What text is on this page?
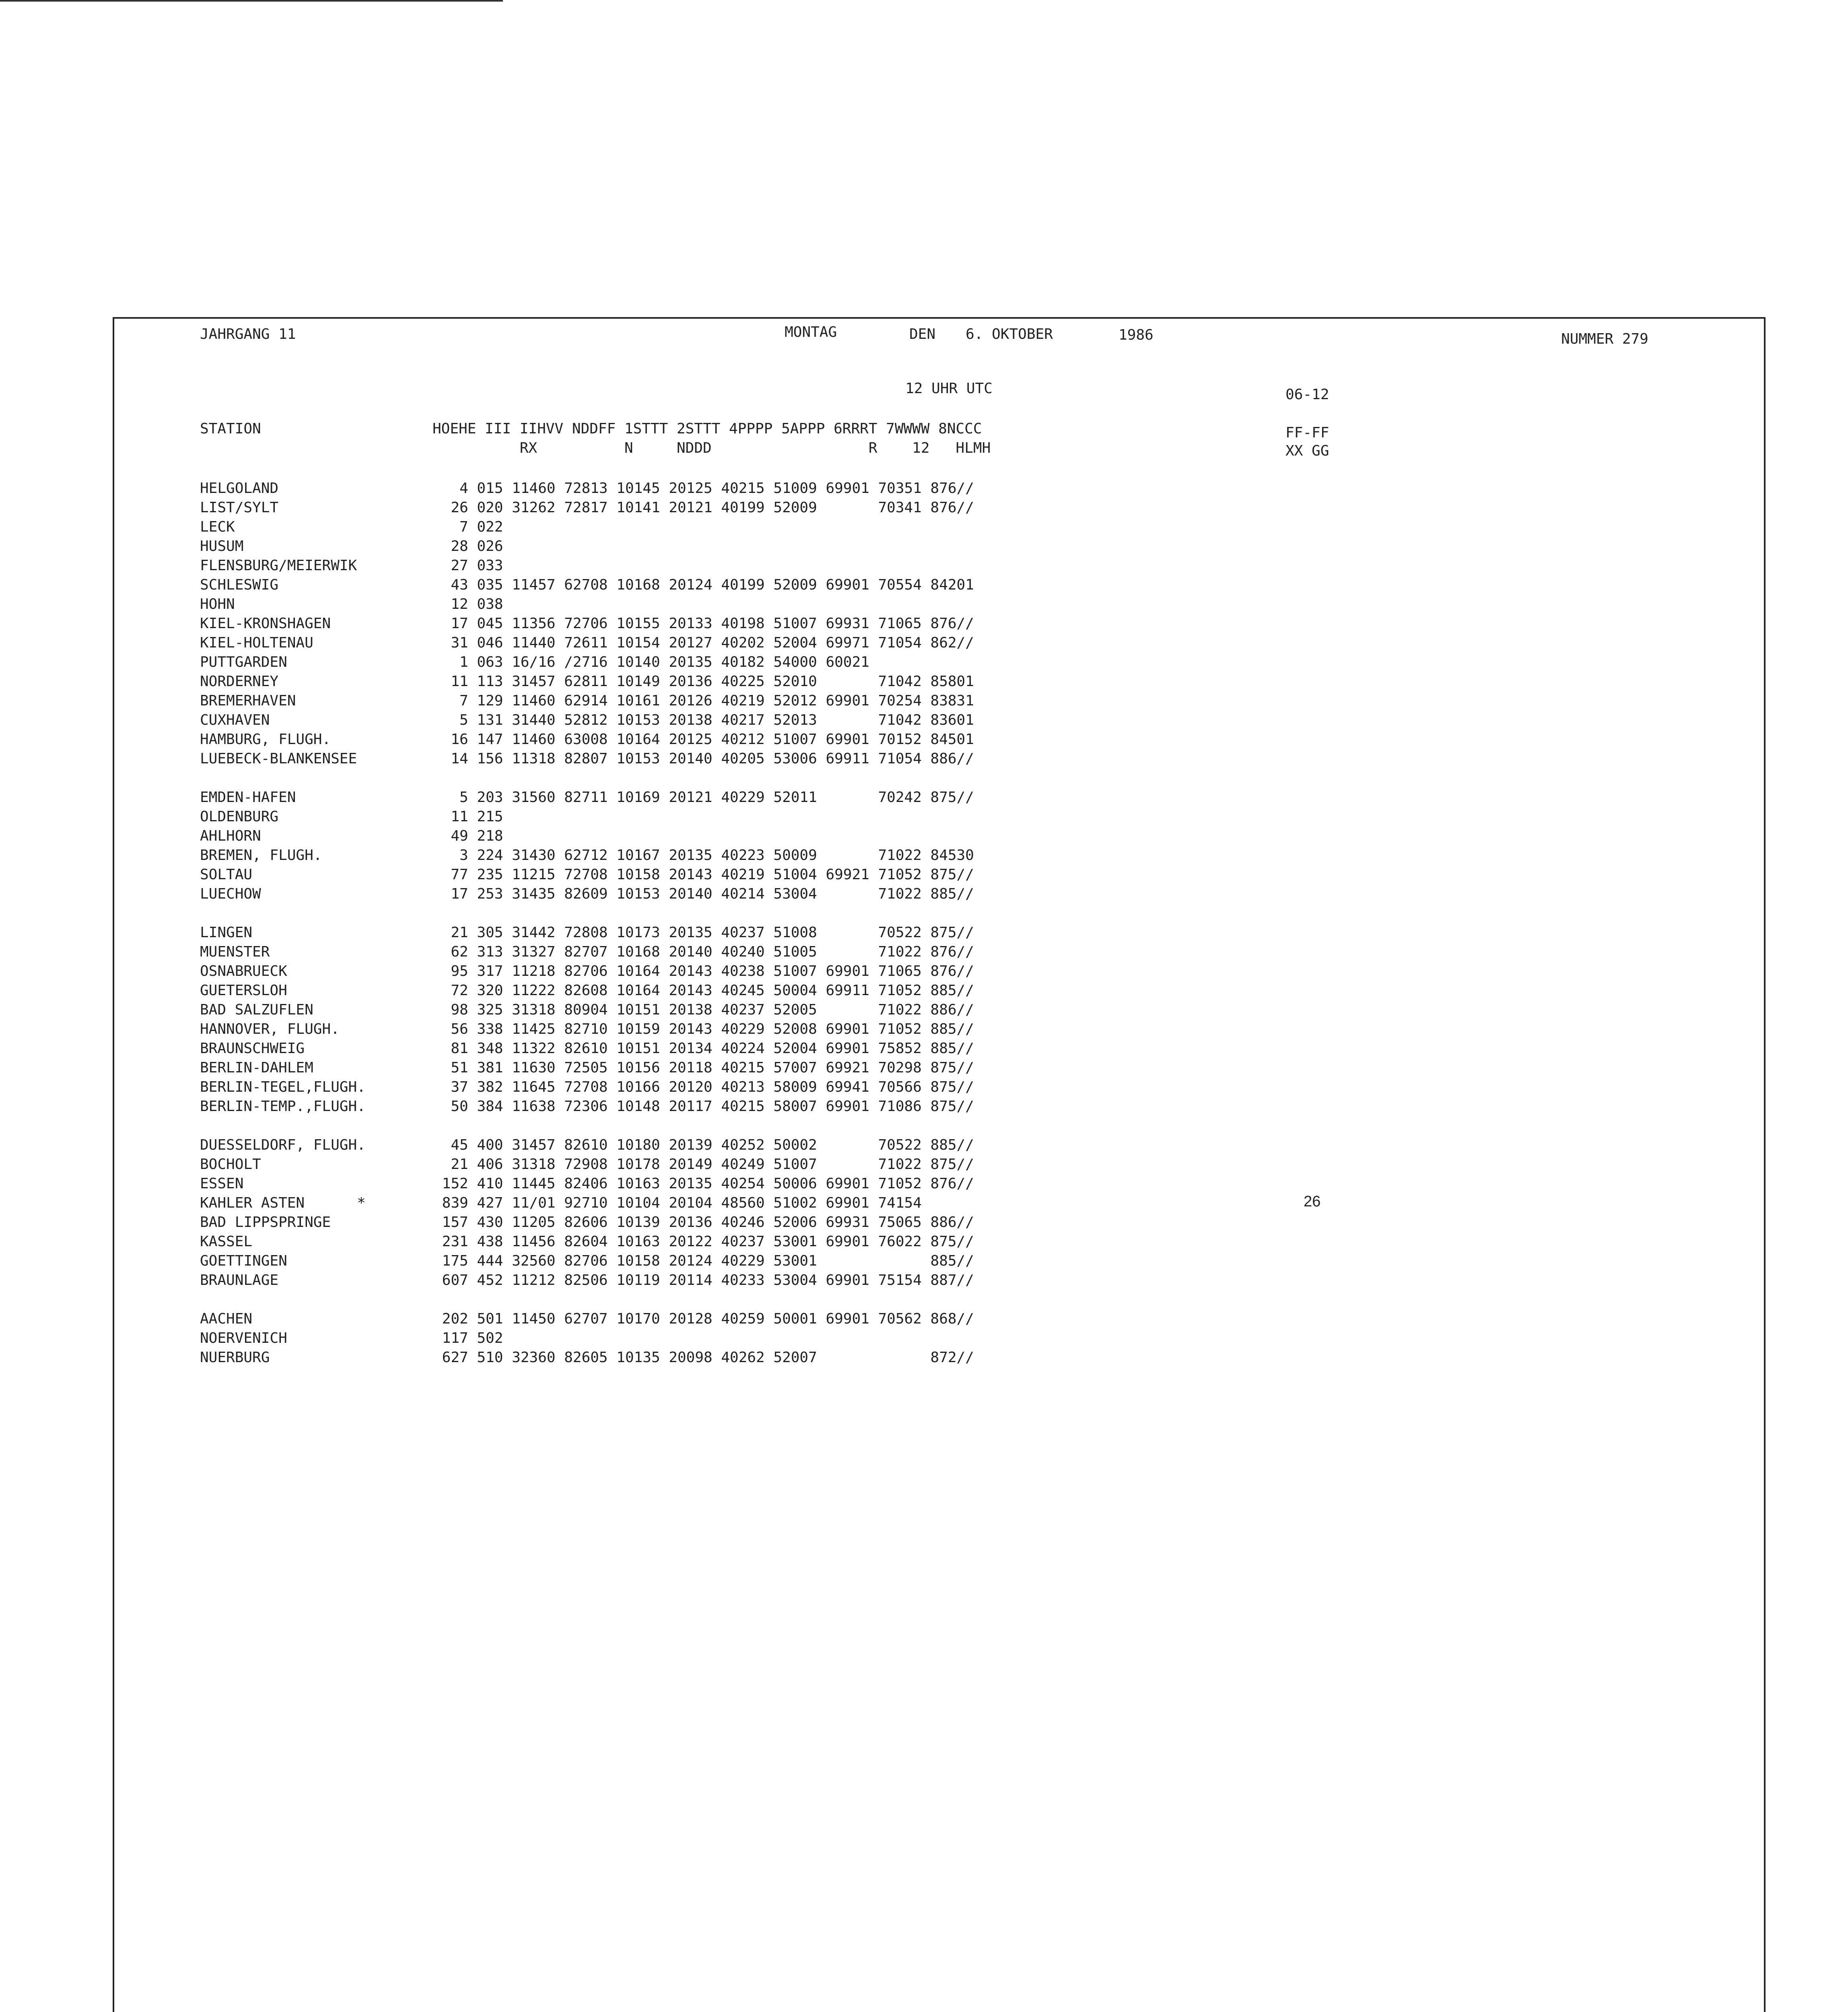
JAHRGANG 11	MONTAG	DEN 6. OKTOBER	1986	NUMMER 279
12 UHR UTC	06-12
STATION	HOEHE III IIHVV NDDFF 1STTT 2STTT 4PPPP 5APPP 6RRRT 7WWWW 8NCCC
RX          N     NDDD                  R    12   HLMH
FF-FF
XX GG
HELGOLAND	4 015 11460 72813 10145 20125 40215 51009 69901 70351 876//
LIST/SYLT	26 020 31262 72817 10141 20121 40199 52009       70341 876//
LECK	7 022
HUSUM	28 026
FLENSBURG/MEIERWIK	27 033
SCHLESWIG	43 035 11457 62708 10168 20124 40199 52009 69901 70554 84201
HOHN	12 038
KIEL-KRONSHAGEN	17 045 11356 72706 10155 20133 40198 51007 69931 71065 876//
KIEL-HOLTENAU	31 046 11440 72611 10154 20127 40202 52004 69971 71054 862//
PUTTGARDEN	1 063 16/16 /2716 10140 20135 40182 54000 60021
NORDERNEY	11 113 31457 62811 10149 20136 40225 52010       71042 85801
BREMERHAVEN	7 129 11460 62914 10161 20126 40219 52012 69901 70254 83831
CUXHAVEN	5 131 31440 52812 10153 20138 40217 52013       71042 83601
HAMBURG, FLUGH.	16 147 11460 63008 10164 20125 40212 51007 69901 70152 84501
LUEBECK-BLANKENSEE	14 156 11318 82807 10153 20140 40205 53006 69911 71054 886//
EMDEN-HAFEN	5 203 31560 82711 10169 20121 40229 52011       70242 875//
OLDENBURG	11 215
AHLHORN	49 218
BREMEN, FLUGH.	3 224 31430 62712 10167 20135 40223 50009       71022 84530
SOLTAU	77 235 11215 72708 10158 20143 40219 51004 69921 71052 875//
LUECHOW	17 253 31435 82609 10153 20140 40214 53004       71022 885//
LINGEN	21 305 31442 72808 10173 20135 40237 51008       70522 875//
MUENSTER	62 313 31327 82707 10168 20140 40240 51005       71022 876//
OSNABRUECK	95 317 11218 82706 10164 20143 40238 51007 69901 71065 876//
GUETERSLOH	72 320 11222 82608 10164 20143 40245 50004 69911 71052 885//
BAD SALZUFLEN	98 325 31318 80904 10151 20138 40237 52005       71022 886//
HANNOVER, FLUGH.	56 338 11425 82710 10159 20143 40229 52008 69901 71052 885//
BRAUNSCHWEIG	81 348 11322 82610 10151 20134 40224 52004 69901 75852 885//
BERLIN-DAHLEM	51 381 11630 72505 10156 20118 40215 57007 69921 70298 875//
BERLIN-TEGEL,FLUGH.	37 382 11645 72708 10166 20120 40213 58009 69941 70566 875//
BERLIN-TEMP.,FLUGH.	50 384 11638 72306 10148 20117 40215 58007 69901 71086 875//
DUESSELDORF, FLUGH.	45 400 31457 82610 10180 20139 40252 50002       70522 885//
BOCHOLT	21 406 31318 72908 10178 20149 40249 51007       71022 875//
ESSEN	152 410 11445 82406 10163 20135 40254 50006 69901 71052 876//
KAHLER ASTEN      *	839 427 11/01 92710 10104 20104 48560 51002 69901 74154
BAD LIPPSPRINGE	157 430 11205 82606 10139 20136 40246 52006 69931 75065 886//
KASSEL	231 438 11456 82604 10163 20122 40237 53001 69901 76022 875//
GOETTINGEN	175 444 32560 82706 10158 20124 40229 53001             885//
BRAUNLAGE	607 452 11212 82506 10119 20114 40233 53004 69901 75154 887//
AACHEN	202 501 11450 62707 10170 20128 40259 50001 69901 70562 868//
NOERVENICH	117 502
NUERBURG	627 510 32360 82605 10135 20098 40262 52007             872//
26
